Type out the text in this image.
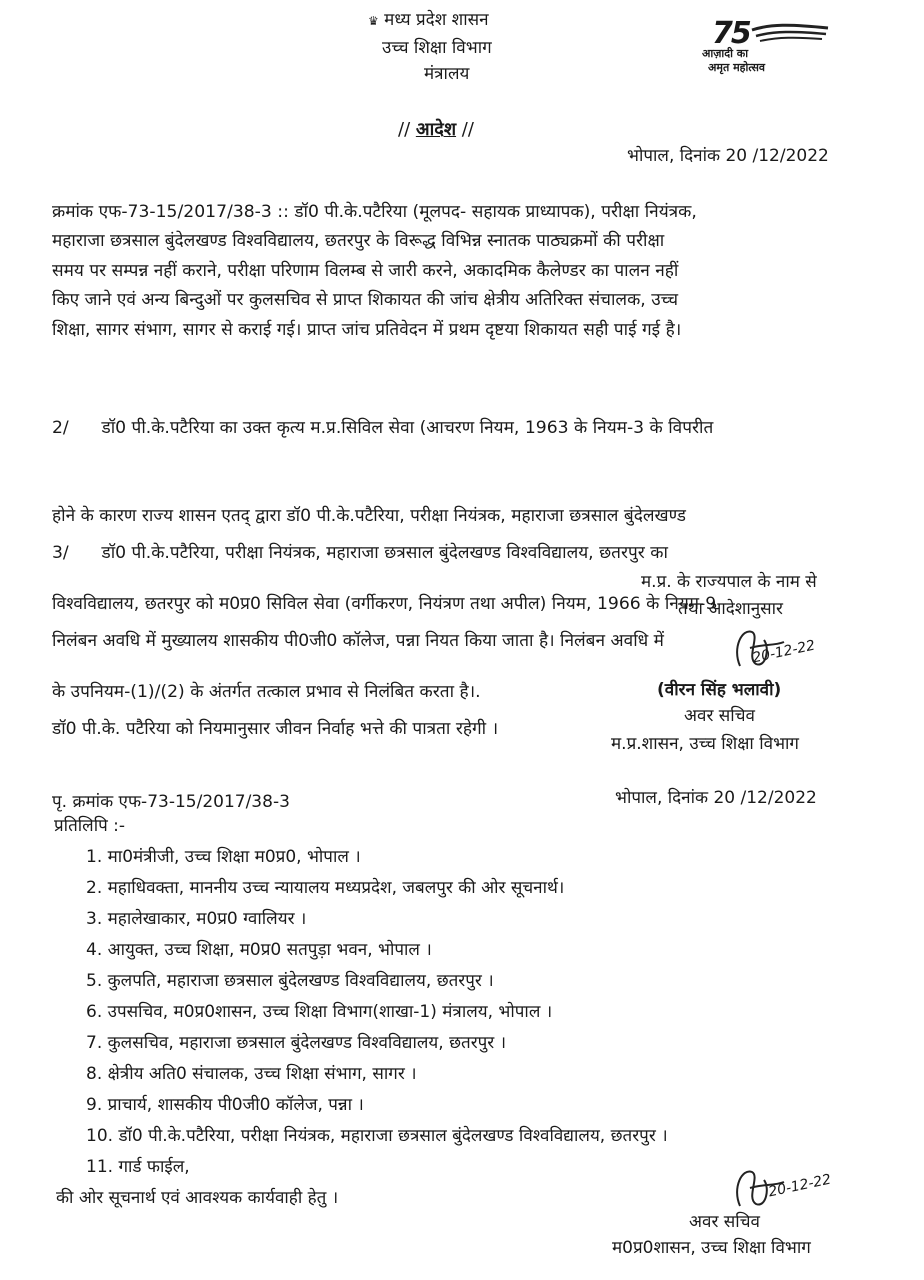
♛ मध्य प्रदेश शासन
उच्च शिक्षा विभाग
मंत्रालय
75
आज़ादी का
अमृत महोत्सव
// आदेश //
भोपाल, दिनांक 20 /12/2022
क्रमांक एफ-73-15/2017/38-3 :: डॉ0 पी.के.पटैरिया (मूलपद- सहायक प्राध्यापक), परीक्षा नियंत्रक,
महाराजा छत्रसाल बुंदेलखण्ड विश्वविद्यालय, छतरपुर के विरूद्ध विभिन्न स्नातक पाठ्यक्रमों की परीक्षा
समय पर सम्पन्न नहीं कराने, परीक्षा परिणाम विलम्ब से जारी करने, अकादमिक कैलेण्डर का पालन नहीं
किए जाने एवं अन्य बिन्दुओं पर कुलसचिव से प्राप्त शिकायत की जांच क्षेत्रीय अतिरिक्त संचालक, उच्च
शिक्षा, सागर संभाग, सागर से कराई गई। प्राप्त जांच प्रतिवेदन में प्रथम दृष्टया शिकायत सही पाई गई है।

2/      डॉ0 पी.के.पटैरिया का उक्त कृत्य म.प्र.सिविल सेवा (आचरण नियम, 1963 के नियम-3 के विपरीत

होने के कारण राज्य शासन एतद् द्वारा डॉ0 पी.के.पटैरिया, परीक्षा नियंत्रक, महाराजा छत्रसाल बुंदेलखण्ड

विश्वविद्यालय, छतरपुर को म0प्र0 सिविल सेवा (वर्गीकरण, नियंत्रण तथा अपील) नियम, 1966 के नियम-9

के उपनियम-(1)/(2) के अंतर्गत तत्काल प्रभाव से निलंबित करता है।.

3/      डॉ0 पी.के.पटैरिया, परीक्षा नियंत्रक, महाराजा छत्रसाल बुंदेलखण्ड विश्वविद्यालय, छतरपुर का

निलंबन अवधि में मुख्यालय शासकीय पी0जी0 कॉलेज, पन्ना नियत किया जाता है। निलंबन अवधि में

डॉ0 पी.के. पटैरिया को नियमानुसार जीवन निर्वाह भत्ते की पात्रता रहेगी ।

म.प्र. के राज्यपाल के नाम से
तथा आदेशानुसार
20-12-22
(वीरन सिंह भलावी)
अवर सचिव
म.प्र.शासन, उच्च शिक्षा विभाग
पृ. क्रमांक एफ-73-15/2017/38-3	भोपाल, दिनांक 20 /12/2022
प्रतिलिपि :-
1. मा0मंत्रीजी, उच्च शिक्षा म0प्र0, भोपाल ।
2. महाधिवक्ता, माननीय उच्च न्यायालय मध्यप्रदेश, जबलपुर की ओर सूचनार्थ।
3. महालेखाकार, म0प्र0 ग्वालियर ।
4. आयुक्त, उच्च शिक्षा, म0प्र0 सतपुड़ा भवन, भोपाल ।
5. कुलपति, महाराजा छत्रसाल बुंदेलखण्ड विश्वविद्यालय, छतरपुर ।
6. उपसचिव, म0प्र0शासन, उच्च शिक्षा विभाग(शाखा-1) मंत्रालय, भोपाल ।
7. कुलसचिव, महाराजा छत्रसाल बुंदेलखण्ड विश्वविद्यालय, छतरपुर ।
8. क्षेत्रीय अति0 संचालक, उच्च शिक्षा संभाग, सागर ।
9. प्राचार्य, शासकीय पी0जी0 कॉलेज, पन्ना ।
10. डॉ0 पी.के.पटैरिया, परीक्षा नियंत्रक, महाराजा छत्रसाल बुंदेलखण्ड विश्वविद्यालय, छतरपुर ।
11. गार्ड फाईल,
की ओर सूचनार्थ एवं आवश्यक कार्यवाही हेतु ।	20-12-22
अवर सचिव
म0प्र0शासन, उच्च शिक्षा विभाग
